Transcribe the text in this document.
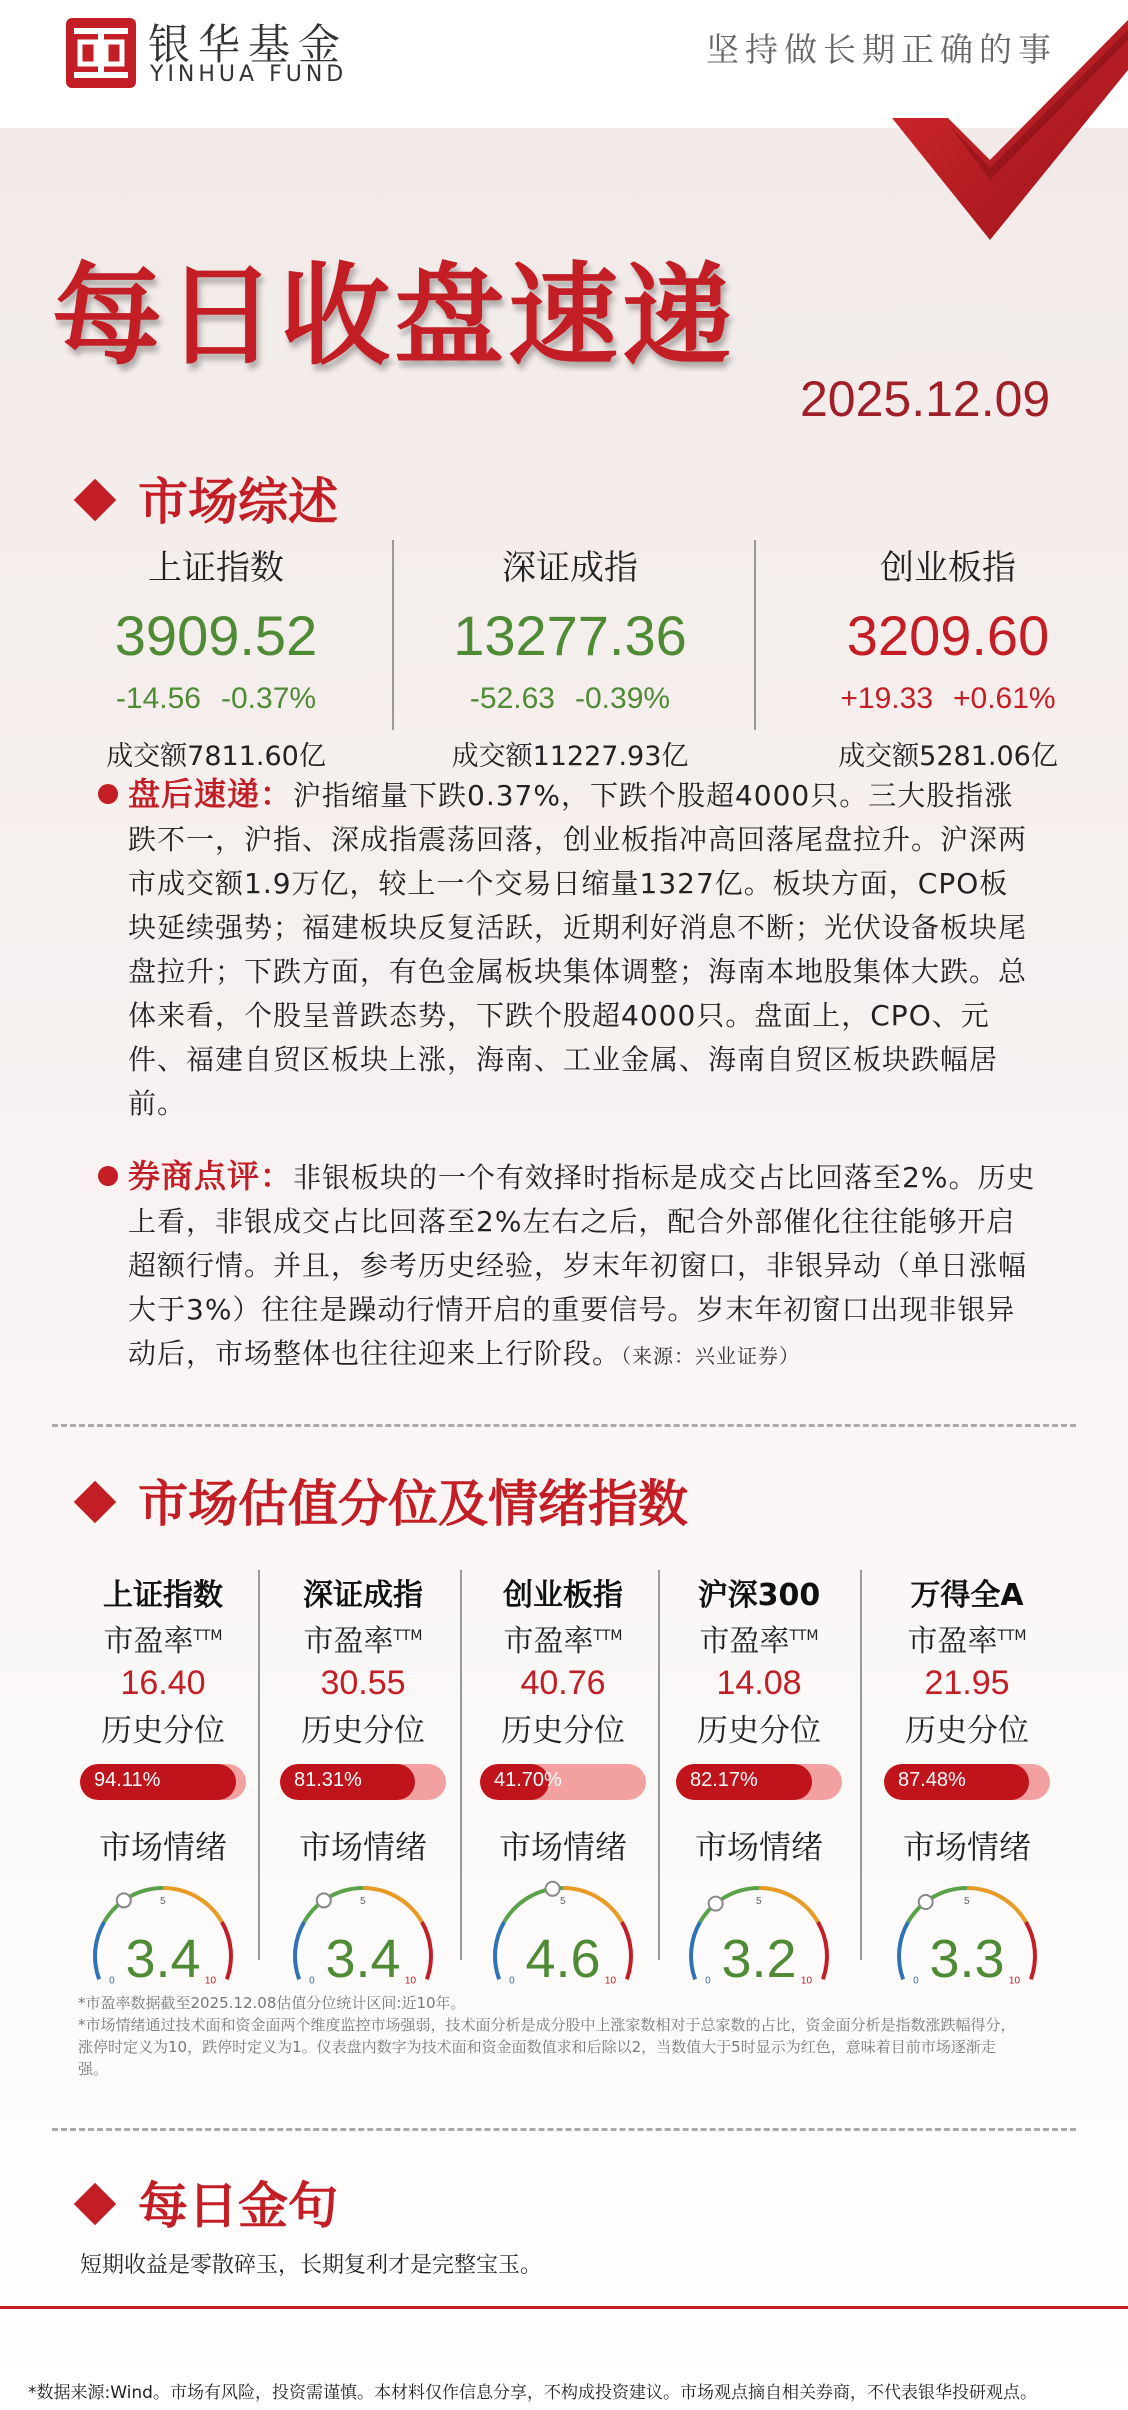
银华基金
YINHUA FUND
坚持做长期正确的事
每日收盘速递
2025.12.09
市场综述
上证指数
3909.52
-14.56 -0.37%
成交额7811.60亿
深证成指
13277.36
-52.63 -0.39%
成交额11227.93亿
创业板指
3209.60
+19.33 +0.61%
成交额5281.06亿
盘后速递：沪指缩量下跌0.37%，下跌个股超4000只。三大股指涨跌不一，沪指、深成指震荡回落，创业板指冲高回落尾盘拉升。沪深两市成交额1.9万亿，较上一个交易日缩量1327亿。板块方面，CPO板块延续强势；福建板块反复活跃，近期利好消息不断；光伏设备板块尾盘拉升；下跌方面，有色金属板块集体调整；海南本地股集体大跌。总体来看，个股呈普跌态势，下跌个股超4000只。盘面上，CPO、元件、福建自贸区板块上涨，海南、工业金属、海南自贸区板块跌幅居前。
券商点评：非银板块的一个有效择时指标是成交占比回落至2%。历史上看，非银成交占比回落至2%左右之后，配合外部催化往往能够开启超额行情。并且，参考历史经验，岁末年初窗口，非银异动（单日涨幅大于3%）往往是躁动行情开启的重要信号。岁末年初窗口出现非银异动后，市场整体也往往迎来上行阶段。（来源：兴业证券）
市场估值分位及情绪指数
上证指数
市盈率$^{TTM}$
16.40
历史分位
94.11%
市场情绪
0
5
10
3.4
深证成指
市盈率$^{TTM}$
30.55
历史分位
81.31%
市场情绪
0
5
10
3.4
创业板指
市盈率$^{TTM}$
40.76
历史分位
41.70%
市场情绪
0
5
10
4.6
沪深300
市盈率$^{TTM}$
14.08
历史分位
82.17%
市场情绪
0
5
10
3.2
万得全A
市盈率$^{TTM}$
21.95
历史分位
87.48%
市场情绪
0
5
10
3.3
*市盈率数据截至2025.12.08估值分位统计区间:近10年。
*市场情绪通过技术面和资金面两个维度监控市场强弱，技术面分析是成分股中上涨家数相对于总家数的占比，资金面分析是指数涨跌幅得分，涨停时定义为10，跌停时定义为1。仪表盘内数字为技术面和资金面数值求和后除以2，当数值大于5时显示为红色，意味着目前市场逐渐走强。
每日金句
短期收益是零散碎玉，长期复利才是完整宝玉。
*数据来源:Wind。市场有风险，投资需谨慎。本材料仅作信息分享，不构成投资建议。市场观点摘自相关券商，不代表银华投研观点。
